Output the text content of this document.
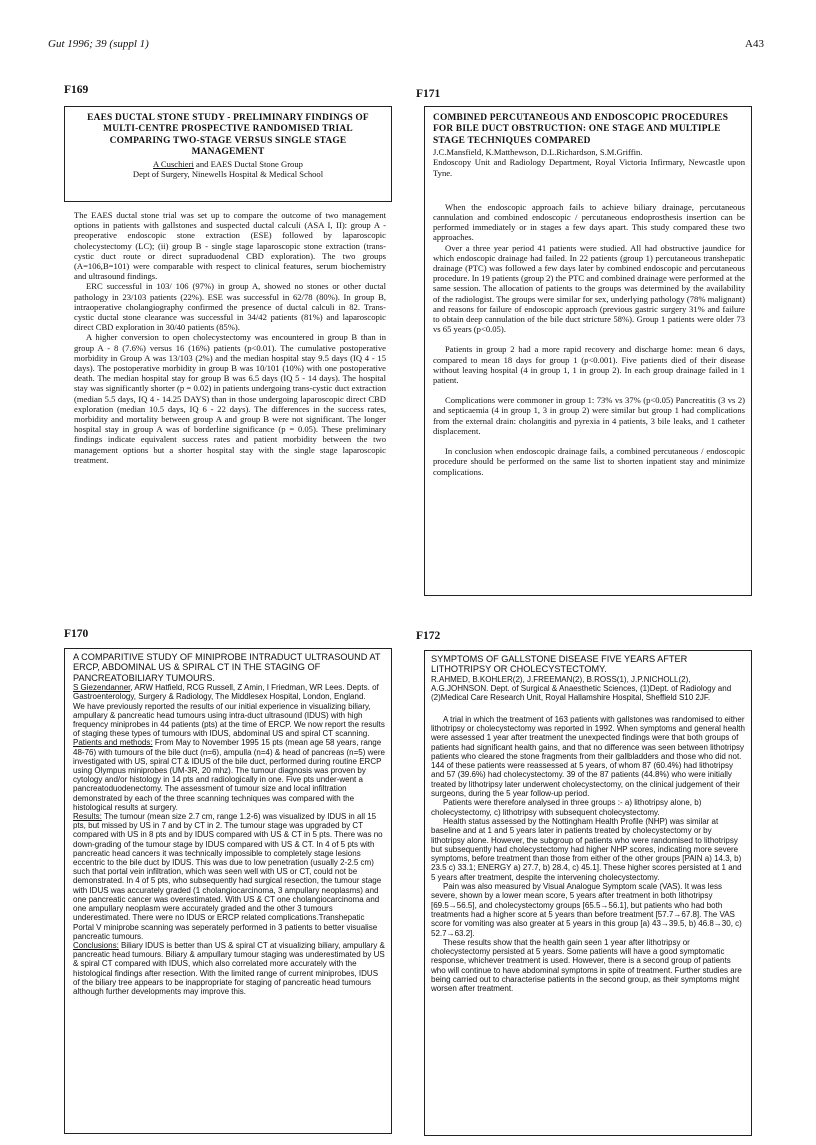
Gut 1996; 39 (suppl 1)	A43
F169
EAES DUCTAL STONE STUDY - PRELIMINARY FINDINGS OF MULTI-CENTRE PROSPECTIVE RANDOMISED TRIAL COMPARING TWO-STAGE VERSUS SINGLE STAGE MANAGEMENT
A Cuschieri and EAES Ductal Stone Group
Dept of Surgery, Ninewells Hospital & Medical School

The EAES ductal stone trial was set up to compare the outcome of two management options in patients with gallstones and suspected ductal calculi (ASA I, II): group A - preoperative endoscopic stone extraction (ESE) followed by laparoscopic cholecystectomy (LC); (ii) group B - single stage laparoscopic stone extraction (trans-cystic duct route or direct supraduodenal CBD exploration). The two groups (A=106,B=101) were comparable with respect to clinical features, serum biochemistry and ultrasound findings.

ERC successful in 103/ 106 (97%) in group A, showed no stones or other ductal pathology in 23/103 patients (22%). ESE was successful in 62/78 (80%). In group B, intraoperative cholangiography confirmed the presence of ductal calculi in 82. Trans-cystic ductal stone clearance was successful in 34/42 patients (81%) and laparoscopic direct CBD exploration in 30/40 patients (85%).

A higher conversion to open cholecystectomy was encountered in group B than in group A - 8 (7.6%) versus 16 (16%) patients (p<0.01). The cumulative postoperative morbidity in Group A was 13/103 (2%) and the median hospital stay 9.5 days (IQ 4 - 15 days). The postoperative morbidity in group B was 10/101 (10%) with one postoperative death. The median hospital stay for group B was 6.5 days (IQ 5 - 14 days). The hospital stay was significantly shorter (p = 0.02) in patients undergoing trans-cystic duct extraction (median 5.5 days, IQ 4 - 14.25 DAYS) than in those undergoing laparoscopic direct CBD exploration (median 10.5 days, IQ 6 - 22 days). The differences in the success rates, morbidity and mortality between group A and group B were not significant. The longer hospital stay in group A was of borderline significance (p = 0.05). These preliminary findings indicate equivalent success rates and patient morbidity between the two management options but a shorter hospital stay with the single stage laparoscopic treatment.

F171
COMBINED PERCUTANEOUS AND ENDOSCOPIC PROCEDURES FOR BILE DUCT OBSTRUCTION: ONE STAGE AND MULTIPLE STAGE TECHNIQUES COMPARED
J.C.Mansfield, K.Matthewson, D.L.Richardson, S.M.Griffin.
Endoscopy Unit and Radiology Department, Royal Victoria Infirmary, Newcastle upon Tyne.

When the endoscopic approach fails to achieve biliary drainage, percutaneous cannulation and combined endoscopic / percutaneous endoprosthesis insertion can be performed immediately or in stages a few days apart. This study compared these two approaches.

Over a three year period 41 patients were studied. All had obstructive jaundice for which endoscopic drainage had failed. In 22 patients (group 1) percutaneous transhepatic drainage (PTC) was followed a few days later by combined endoscopic and percutaneous procedure. In 19 patients (group 2) the PTC and combined drainage were performed at the same session. The allocation of patients to the groups was determined by the availability of the radiologist. The groups were similar for sex, underlying pathology (78% malignant) and reasons for failure of endoscopic approach (previous gastric surgery 31% and failure to obtain deep cannulation of the bile duct stricture 58%). Group 1 patients were older 73 vs 65 years (p<0.05).

Patients in group 2 had a more rapid recovery and discharge home: mean 6 days, compared to mean 18 days for group 1 (p<0.001). Five patients died of their disease without leaving hospital (4 in group 1, 1 in group 2). In each group drainage failed in 1 patient.

Complications were commoner in group 1: 73% vs 37% (p<0.05) Pancreatitis (3 vs 2) and septicaemia (4 in group 1, 3 in group 2) were similar but group 1 had complications from the external drain: cholangitis and pyrexia in 4 patients, 3 bile leaks, and 1 catheter displacement.

In conclusion when endoscopic drainage fails, a combined percutaneous / endoscopic procedure should be performed on the same list to shorten inpatient stay and minimize complications.

F170
A COMPARITIVE STUDY OF MINIPROBE INTRADUCT ULTRASOUND AT ERCP, ABDOMINAL US & SPIRAL CT IN THE STAGING OF PANCREATOBILIARY TUMOURS.
S Giezendanner, ARW Hatfield, RCG Russell, Z Amin, I Friedman, WR Lees. Depts. of Gastroenterology, Surgery & Radiology, The Middlesex Hospital, London, England.

We have previously reported the results of our initial experience in visualizing biliary, ampullary & pancreatic head tumours using intra-duct ultrasound (IDUS) with high frequency miniprobes in 44 patients (pts) at the time of ERCP. We now report the results of staging these types of tumours with IDUS, abdominal US and spiral CT scanning.

Patients and methods: From May to November 1995 15 pts (mean age 58 years, range 48-76) with tumours of the bile duct (n=6), ampulla (n=4) & head of pancreas (n=5) were investigated with US, spiral CT & IDUS of the bile duct, performed during routine ERCP using Olympus miniprobes (UM-3R, 20 mhz). The tumour diagnosis was proven by cytology and/or histology in 14 pts and radiologically in one. Five pts under-went a pancreatoduodenectomy. The assessment of tumour size and local infiltration demonstrated by each of the three scanning techniques was compared with the histological results at surgery.

Results: The tumour (mean size 2.7 cm, range 1.2-6) was visualized by IDUS in all 15 pts, but missed by US in 7 and by CT in 2. The tumour stage was upgraded by CT compared with US in 8 pts and by IDUS compared with US & CT in 5 pts. There was no down-grading of the tumour stage by IDUS compared with US & CT. In 4 of 5 pts with pancreatic head cancers it was technically impossible to completely stage lesions eccentric to the bile duct by IDUS. This was due to low penetration (usually 2-2.5 cm) such that portal vein infiltration, which was seen well with US or CT, could not be demonstrated. In 4 of 5 pts, who subsequently had surgical resection, the tumour stage with IDUS was accurately graded (1 cholangiocarcinoma, 3 ampullary neoplasms) and one pancreatic cancer was overestimated. With US & CT one cholangiocarcinoma and one ampullary neoplasm were accurately graded and the other 3 tumours underestimated. There were no IDUS or ERCP related complications.Transhepatic Portal V miniprobe scanning was seperately performed in 3 patients to better visualise pancreatic tumours.

Conclusions: Biliary IDUS is better than US & spiral CT at visualizing biliary, ampullary & pancreatic head tumours. Biliary & ampullary tumour staging was underestimated by US & spiral CT compared with IDUS, which also correlated more accurately with the histological findings after resection. With the limited range of current miniprobes, IDUS of the biliary tree appears to be inappropriate for staging of pancreatic head tumours although further developments may improve this.

F172
SYMPTOMS OF GALLSTONE DISEASE FIVE YEARS AFTER LITHOTRIPSY OR CHOLECYSTECTOMY.
R.AHMED, B.KOHLER(2), J.FREEMAN(2), B.ROSS(1), J.P.NICHOLL(2), A.G.JOHNSON. Dept. of Surgical & Anaesthetic Sciences, (1)Dept. of Radiology and (2)Medical Care Research Unit, Royal Hallamshire Hospital, Sheffield S10 2JF.

A trial in which the treatment of 163 patients with gallstones was randomised to either lithotripsy or cholecystectomy was reported in 1992. When symptoms and general health were assessed 1 year after treatment the unexpected findings were that both groups of patients had significant health gains, and that no difference was seen between lithotripsy patients who cleared the stone fragments from their gallbladders and those who did not. 144 of these patients were reassessed at 5 years, of whom 87 (60.4%) had lithotripsy and 57 (39.6%) had cholecystectomy. 39 of the 87 patients (44.8%) who were initially treated by lithotripsy later underwent cholecystectomy, on the clinical judgement of their surgeons, during the 5 year follow-up period.

Patients were therefore analysed in three groups :- a) lithotripsy alone, b) cholecystectomy, c) lithotripsy with subsequent cholecystectomy.

Health status assessed by the Nottingham Health Profile (NHP) was similar at baseline and at 1 and 5 years later in patients treated by cholecystectomy or by lithotripsy alone. However, the subgroup of patients who were randomised to lithotripsy but subsequently had cholecystectomy had higher NHP scores, indicating more severe symptoms, before treatment than those from either of the other groups [PAIN a) 14.3, b) 23.5 c) 33.1; ENERGY a) 27.7, b) 28.4, c) 45.1]. These higher scores persisted at 1 and 5 years after treatment, despite the intervening cholecystectomy.

Pain was also measured by Visual Analogue Symptom scale (VAS). It was less severe, shown by a lower mean score, 5 years after treatment in both lithotripsy [69.5→56.5], and cholecystectomy groups [65.5→56.1], but patients who had both treatments had a higher score at 5 years than before treatment [57.7→67.8]. The VAS score for vomiting was also greater at 5 years in this group [a) 43→39.5, b) 46.8→30, c) 52.7→63.2].

These results show that the health gain seen 1 year after lithotripsy or cholecystectomy persisted at 5 years. Some patients will have a good symptomatic response, whichever treatment is used. However, there is a second group of patients who will continue to have abdominal symptoms in spite of treatment. Further studies are being carried out to characterise patients in the second group, as their symptoms might worsen after treatment.
